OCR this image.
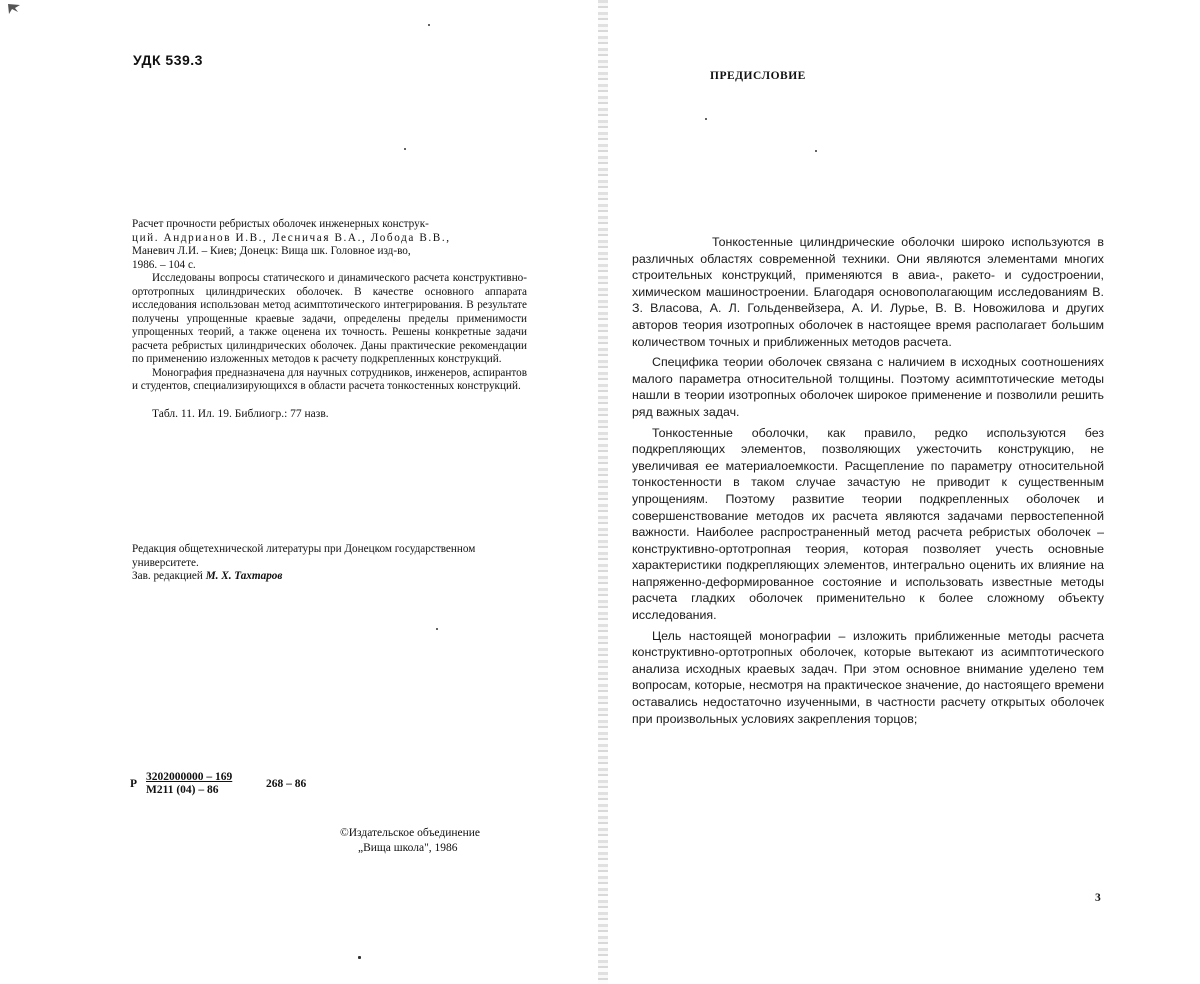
УДК 539.3

Расчет прочности ребристых оболочек инженерных конструк-

ций. Андрианов И.В., Лесничая В.А., Лобода В.В.,

Маневич Л.И. – Киев; Донецк: Вища шк. Головное изд-во,

1986. – 104 с.

Исследованы вопросы статического и динамического расчета конструктивно-ортотропных цилиндрических оболочек. В качестве основного аппарата исследования использован метод асимптотического интегрирования. В результате получены упрощенные краевые задачи, определены пределы применимости упрощенных теорий, а также оценена их точность. Решены конкретные задачи расчета ребристых цилиндрических оболочек. Даны практические рекомендации по применению изложенных методов к расчету подкрепленных конструкций.

Монография предназначена для научных сотрудников, инженеров, аспирантов и студентов, специализирующихся в области расчета тонкостенных конструкций.

Табл. 11. Ил. 19. Библиогр.: 77 назв.

Редакция общетехнической литературы при Донецком государственном университете.

Зав. редакцией М. Х. Тахтаров

Р
3202000000 – 169
М211 (04) – 86	268 – 86

©Издательское объединение
„Вища школа", 1986

ПРЕДИСЛОВИЕ

Тонкостенные цилиндрические оболочки широко используются в различных областях современной техники. Они являются элементами многих строительных конструкций, применяются в авиа-, ракето- и судостроении, химическом машиностроении. Благодаря основополагающим исследованиям В. З. Власова, А. Л. Гольденвейзера, А. И. Лурье, В. В. Новожилова и других авторов теория изотропных оболочек в настоящее время располагает большим количеством точных и приближенных методов расчета.

Специфика теории оболочек связана с наличием в исходных соотношениях малого параметра относительной толщины. Поэтому асимптотические методы нашли в теории изотропных оболочек широкое применение и позволили решить ряд важных задач.

Тонкостенные оболочки, как правило, редко используются без подкрепляющих элементов, позволяющих ужесточить конструкцию, не увеличивая ее материалоемкости. Расщепление по параметру относительной тонкостенности в таком случае зачастую не приводит к существенным упрощениям. Поэтому развитие теории подкрепленных оболочек и совершенствование методов их расчета являются задачами первостепенной важности. Наиболее распространенный метод расчета ребристых оболочек – конструктивно-ортотропная теория, которая позволяет учесть основные характеристики подкрепляющих элементов, интегрально оценить их влияние на напряженно-деформированное состояние и использовать известные методы расчета гладких оболочек применительно к более сложному объекту исследования.

Цель настоящей монографии – изложить приближенные методы расчета конструктивно-ортотропных оболочек, которые вытекают из асимптотического анализа исходных краевых задач. При этом основное внимание уделено тем вопросам, которые, несмотря на практическое значение, до настоящего времени оставались недостаточно изученными, в частности расчету открытых оболочек при произвольных условиях закрепления торцов;

3
